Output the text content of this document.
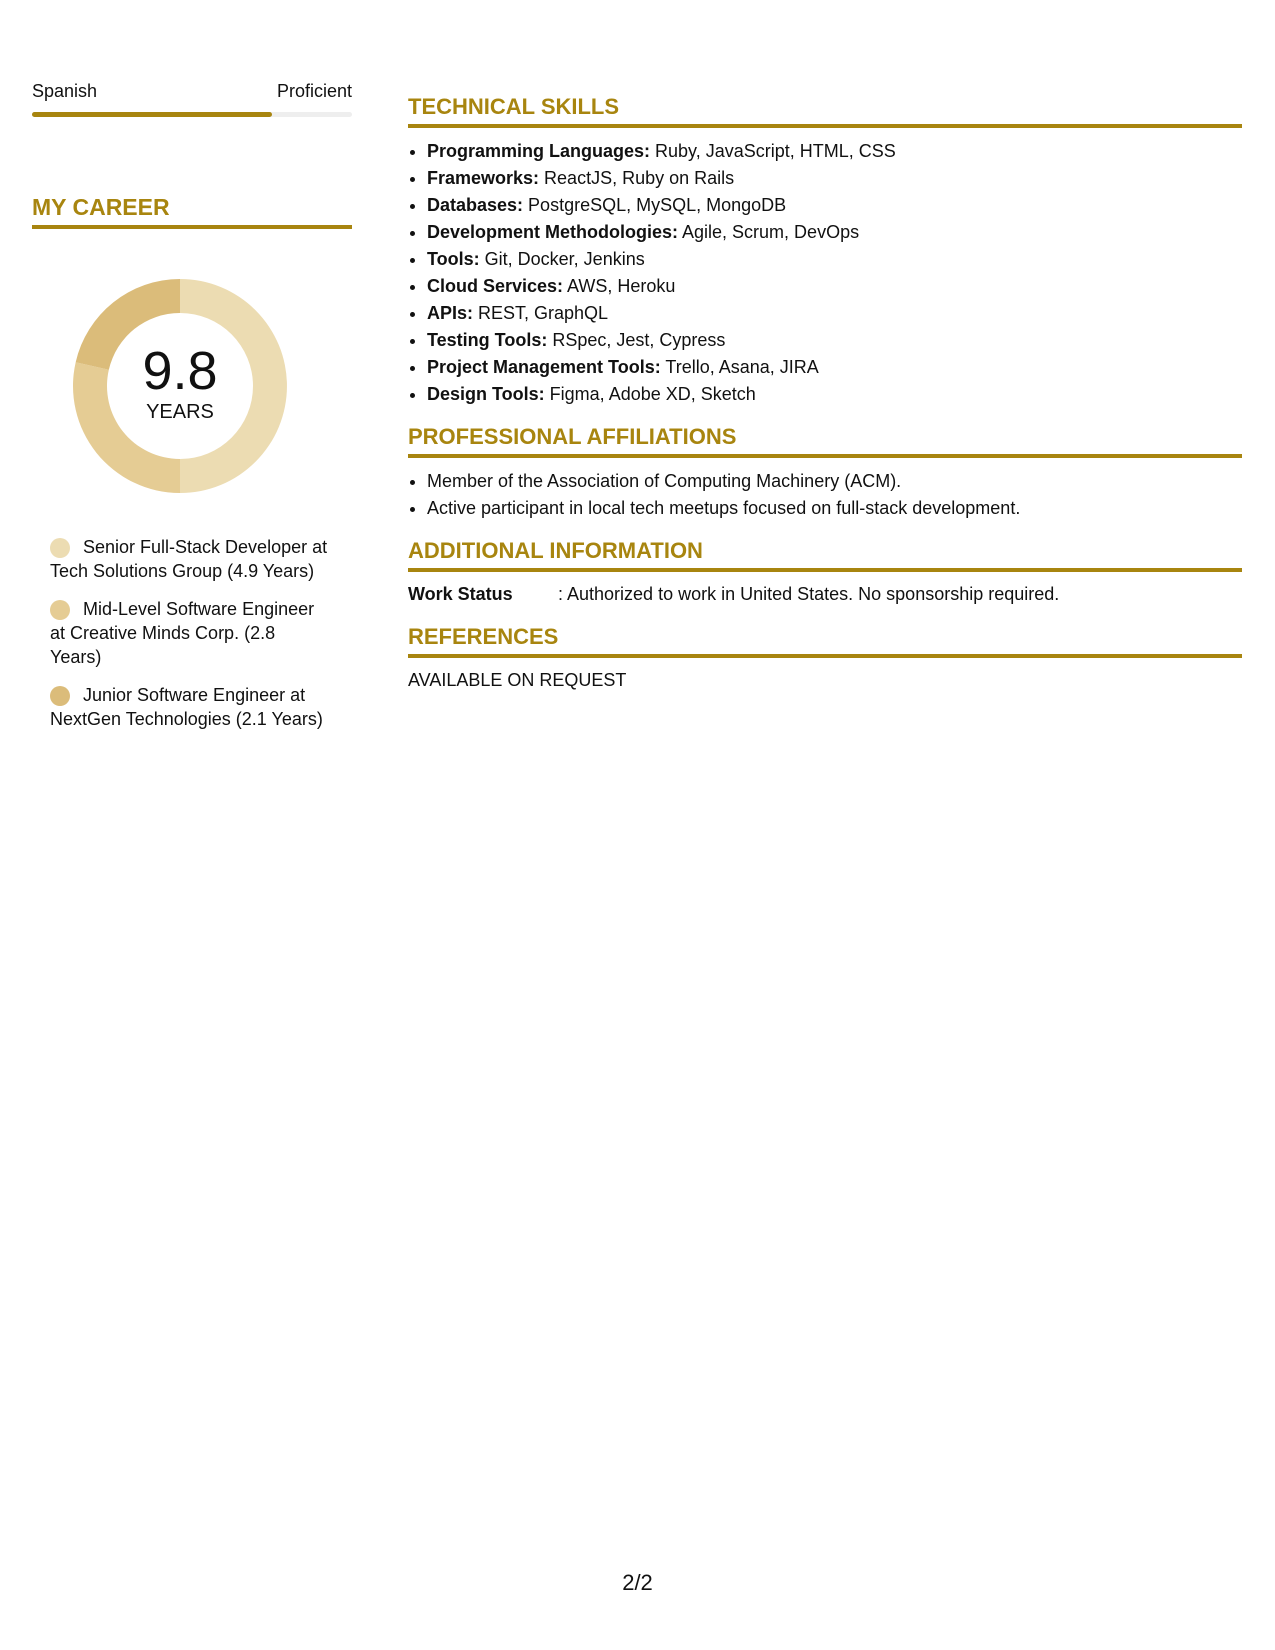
Spanish	Proficient
MY CAREER
9.8
YEARS
Senior Full-Stack Developer at Tech Solutions Group (4.9 Years)
Mid-Level Software Engineer at Creative Minds Corp. (2.8 Years)
Junior Software Engineer at NextGen Technologies (2.1 Years)
TECHNICAL SKILLS
• Programming Languages: Ruby, JavaScript, HTML, CSS
• Frameworks: ReactJS, Ruby on Rails
• Databases: PostgreSQL, MySQL, MongoDB
• Development Methodologies: Agile, Scrum, DevOps
• Tools: Git, Docker, Jenkins
• Cloud Services: AWS, Heroku
• APIs: REST, GraphQL
• Testing Tools: RSpec, Jest, Cypress
• Project Management Tools: Trello, Asana, JIRA
• Design Tools: Figma, Adobe XD, Sketch
PROFESSIONAL AFFILIATIONS
• Member of the Association of Computing Machinery (ACM).
• Active participant in local tech meetups focused on full-stack development.
ADDITIONAL INFORMATION
Work Status	: Authorized to work in United States. No sponsorship required.
REFERENCES

AVAILABLE ON REQUEST

2/2
